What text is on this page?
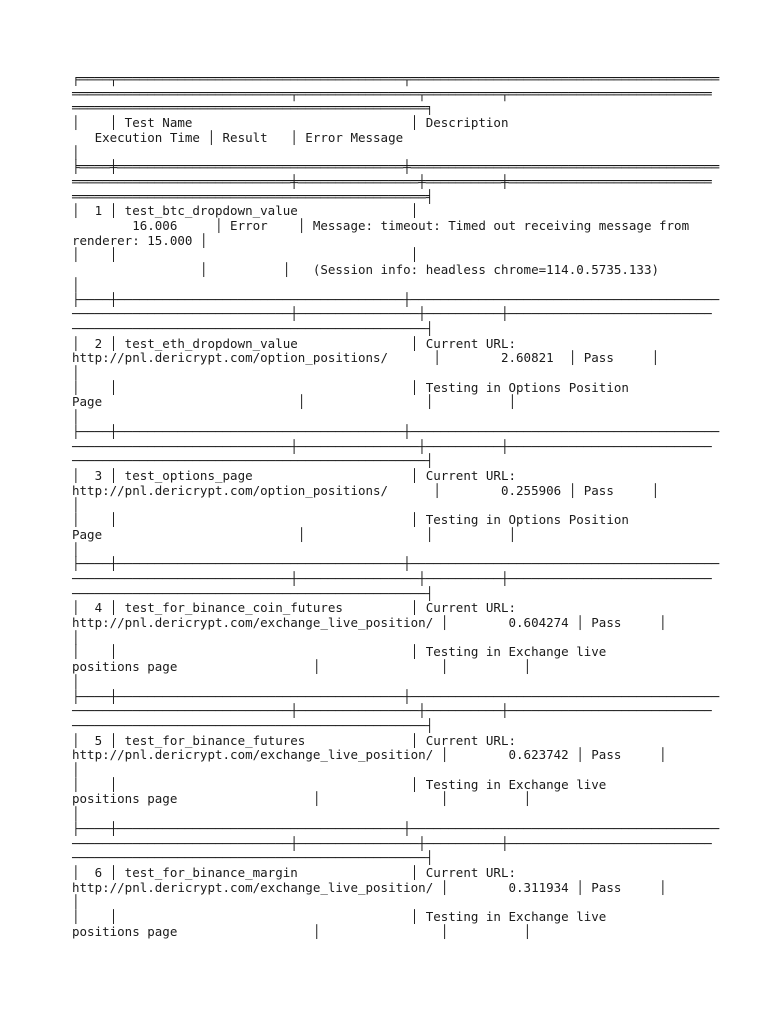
╒════╤══════════════════════════════════════╤═════════════════════════════════════════
═════════════════════════════╤════════════════╤══════════╤═══════════════════════════
═══════════════════════════════════════════════╕
│    │ Test Name                             │ Description
Execution Time │ Result   │ Error Message
│
╞════╪══════════════════════════════════════╪═════════════════════════════════════════
═════════════════════════════╪════════════════╪══════════╪═══════════════════════════
═══════════════════════════════════════════════╡
│  1 │ test_btc_dropdown_value               │
16.006     │ Error    │ Message: timeout: Timed out receiving message from
renderer: 15.000 │
│    │                                       │
│          │   (Session info: headless chrome=114.0.5735.133)
│
├────┼──────────────────────────────────────┼─────────────────────────────────────────
─────────────────────────────┼────────────────┼──────────┼───────────────────────────
───────────────────────────────────────────────┤
│  2 │ test_eth_dropdown_value               │ Current URL:
http://pnl.dericrypt.com/option_positions/      │        2.60821  │ Pass     │
│
│    │                                       │ Testing in Options Position
Page                          │                │          │
│
├────┼──────────────────────────────────────┼─────────────────────────────────────────
─────────────────────────────┼────────────────┼──────────┼───────────────────────────
───────────────────────────────────────────────┤
│  3 │ test_options_page                     │ Current URL:
http://pnl.dericrypt.com/option_positions/      │        0.255906 │ Pass     │
│
│    │                                       │ Testing in Options Position
Page                          │                │          │
│
├────┼──────────────────────────────────────┼─────────────────────────────────────────
─────────────────────────────┼────────────────┼──────────┼───────────────────────────
───────────────────────────────────────────────┤
│  4 │ test_for_binance_coin_futures         │ Current URL:
http://pnl.dericrypt.com/exchange_live_position/ │        0.604274 │ Pass     │
│
│    │                                       │ Testing in Exchange live
positions page                  │                │          │
│
├────┼──────────────────────────────────────┼─────────────────────────────────────────
─────────────────────────────┼────────────────┼──────────┼───────────────────────────
───────────────────────────────────────────────┤
│  5 │ test_for_binance_futures              │ Current URL:
http://pnl.dericrypt.com/exchange_live_position/ │        0.623742 │ Pass     │
│
│    │                                       │ Testing in Exchange live
positions page                  │                │          │
│
├────┼──────────────────────────────────────┼─────────────────────────────────────────
─────────────────────────────┼────────────────┼──────────┼───────────────────────────
───────────────────────────────────────────────┤
│  6 │ test_for_binance_margin               │ Current URL:
http://pnl.dericrypt.com/exchange_live_position/ │        0.311934 │ Pass     │
│
│    │                                       │ Testing in Exchange live
positions page                  │                │          │
